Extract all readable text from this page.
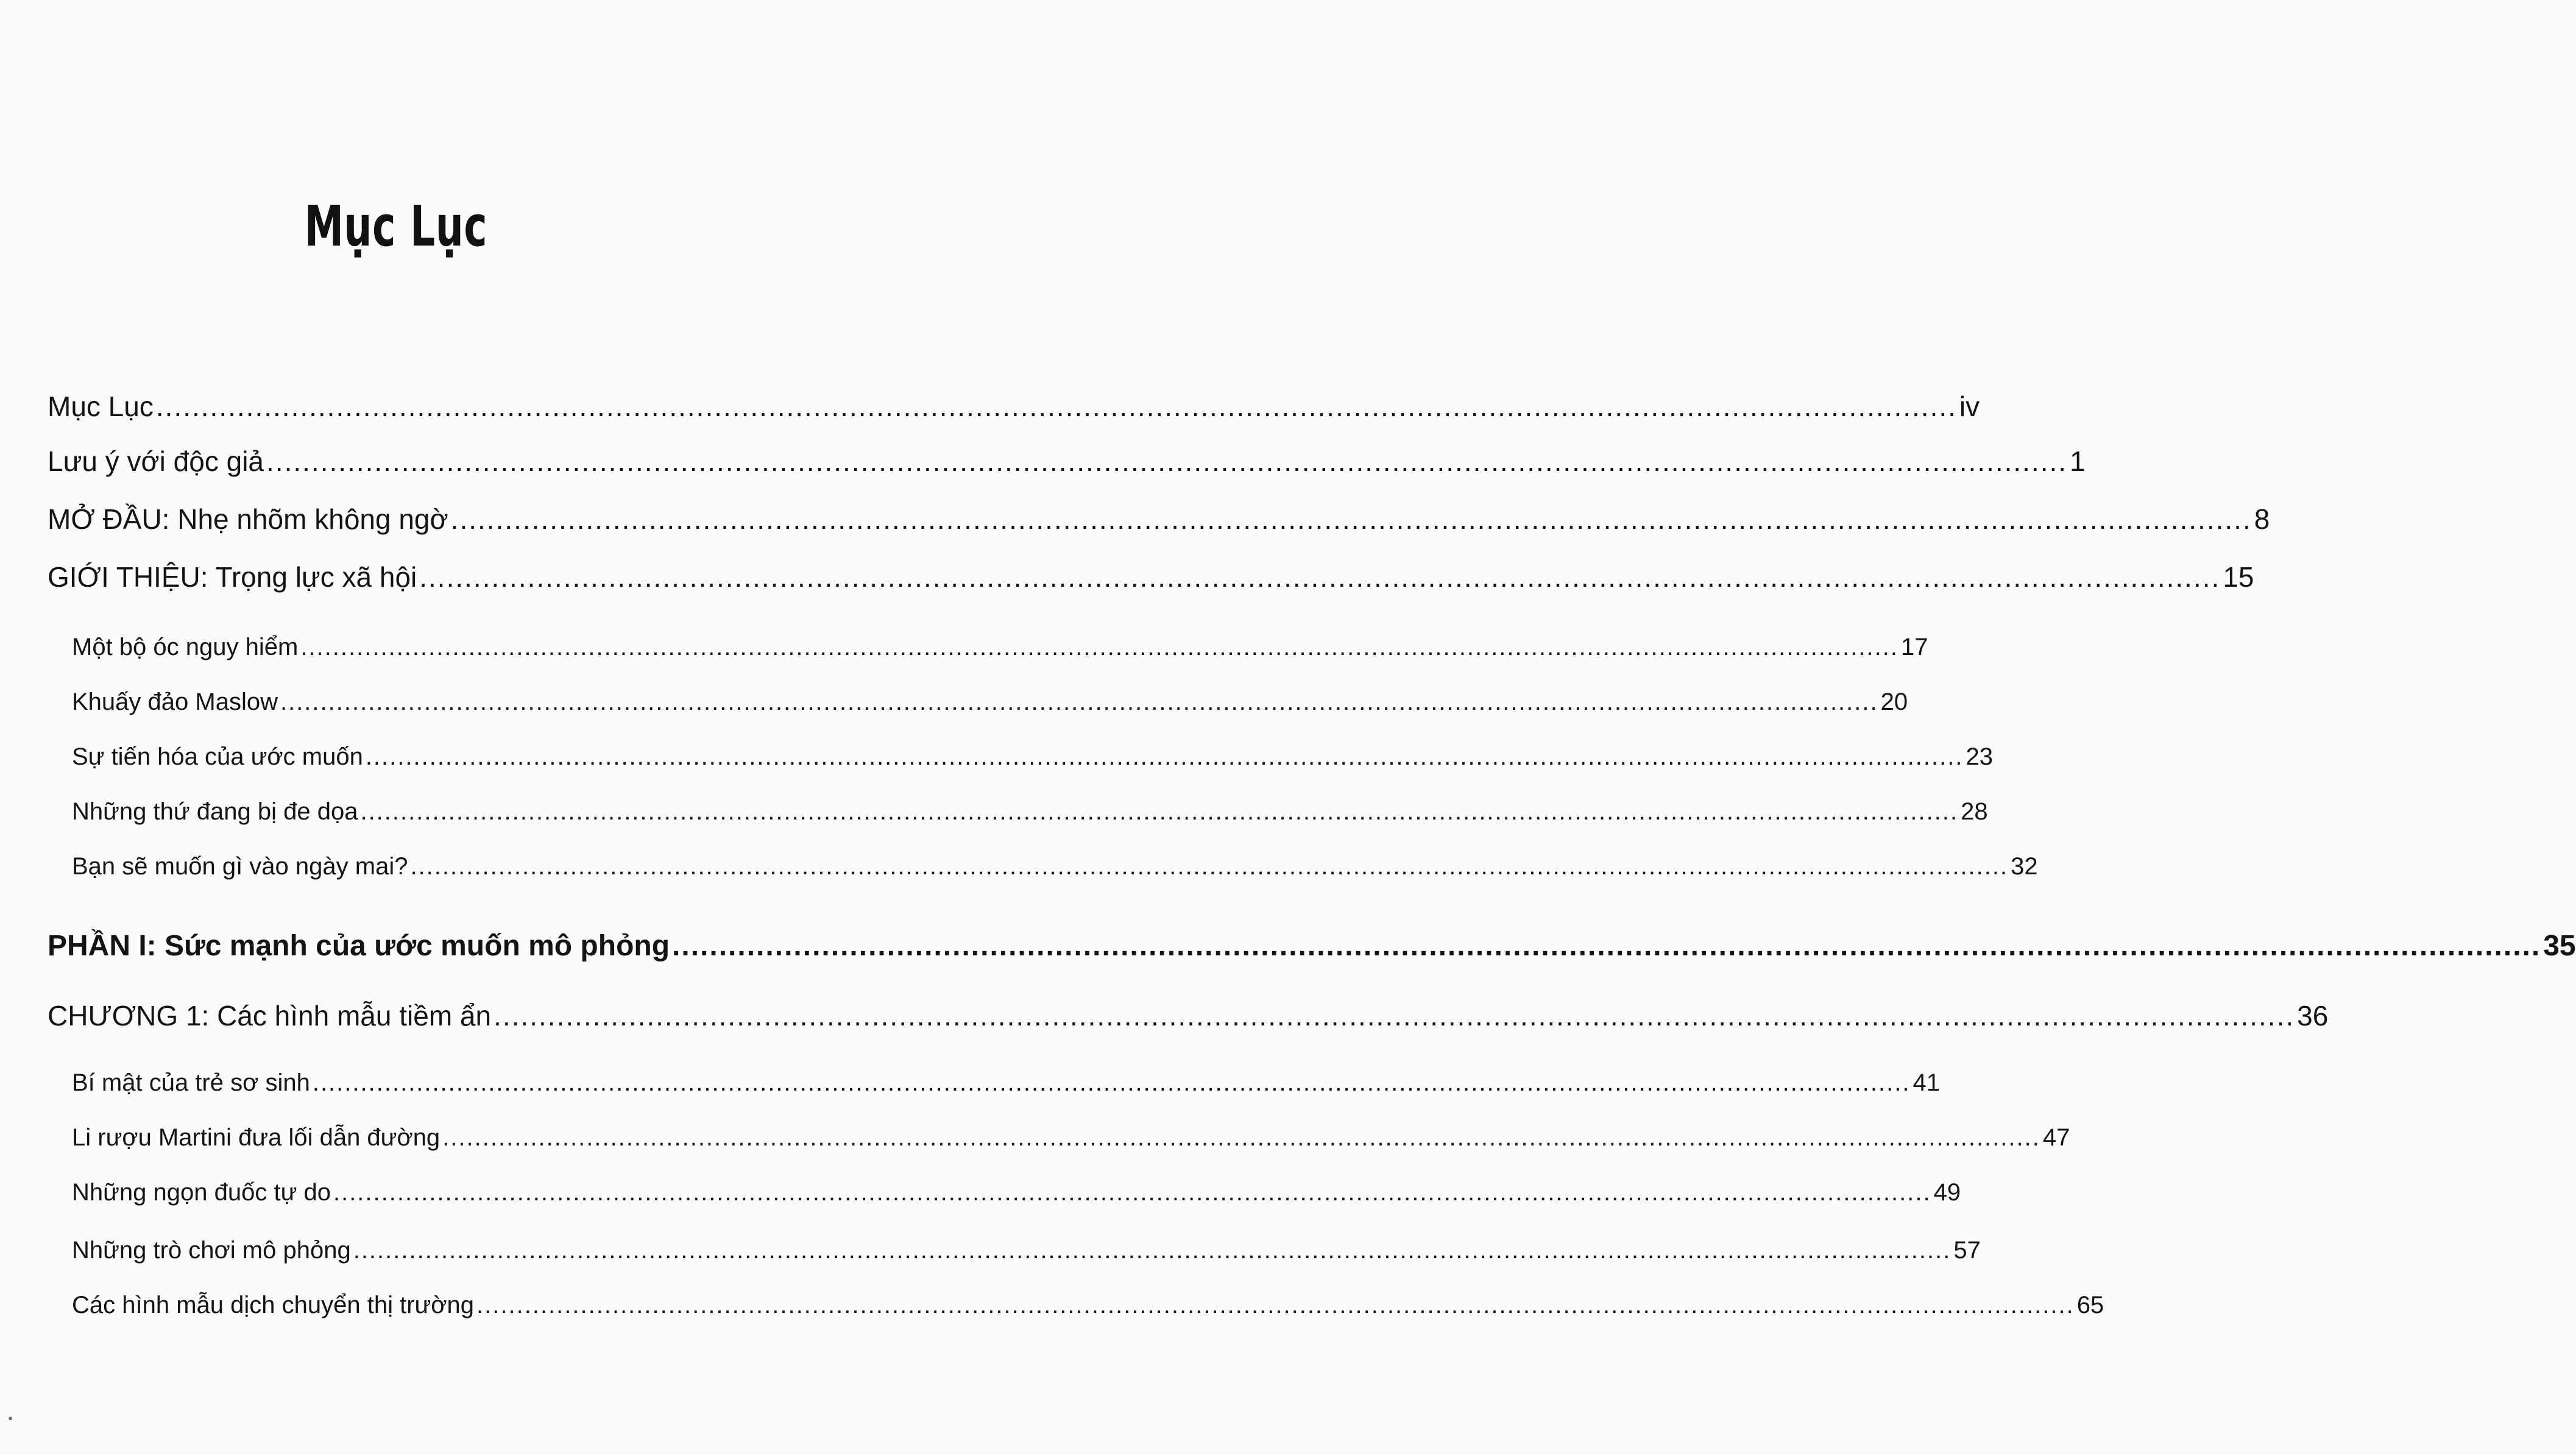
Mục Lục
Mục Lục ........................................................................................................................................................................................................ iv
Lưu ý với độc giả ........................................................................................................................................................................................................ 1
MỞ ĐẦU: Nhẹ nhõm không ngờ ........................................................................................................................................................................................................ 8
GIỚI THIỆU: Trọng lực xã hội ........................................................................................................................................................................................................ 15
Một bộ óc nguy hiểm ........................................................................................................................................................................................................ 17
Khuấy đảo Maslow ........................................................................................................................................................................................................ 20
Sự tiến hóa của ước muốn ........................................................................................................................................................................................................ 23
Những thứ đang bị đe dọa ........................................................................................................................................................................................................ 28
Bạn sẽ muốn gì vào ngày mai? ........................................................................................................................................................................................................ 32
PHẦN I: Sức mạnh của ước muốn mô phỏng ........................................................................................................................................................................................................ 35
CHƯƠNG 1: Các hình mẫu tiềm ẩn ........................................................................................................................................................................................................ 36
Bí mật của trẻ sơ sinh ........................................................................................................................................................................................................ 41
Li rượu Martini đưa lối dẫn đường ........................................................................................................................................................................................................ 47
Những ngọn đuốc tự do ........................................................................................................................................................................................................ 49
Những trò chơi mô phỏng ........................................................................................................................................................................................................ 57
Các hình mẫu dịch chuyển thị trường ........................................................................................................................................................................................................ 65
